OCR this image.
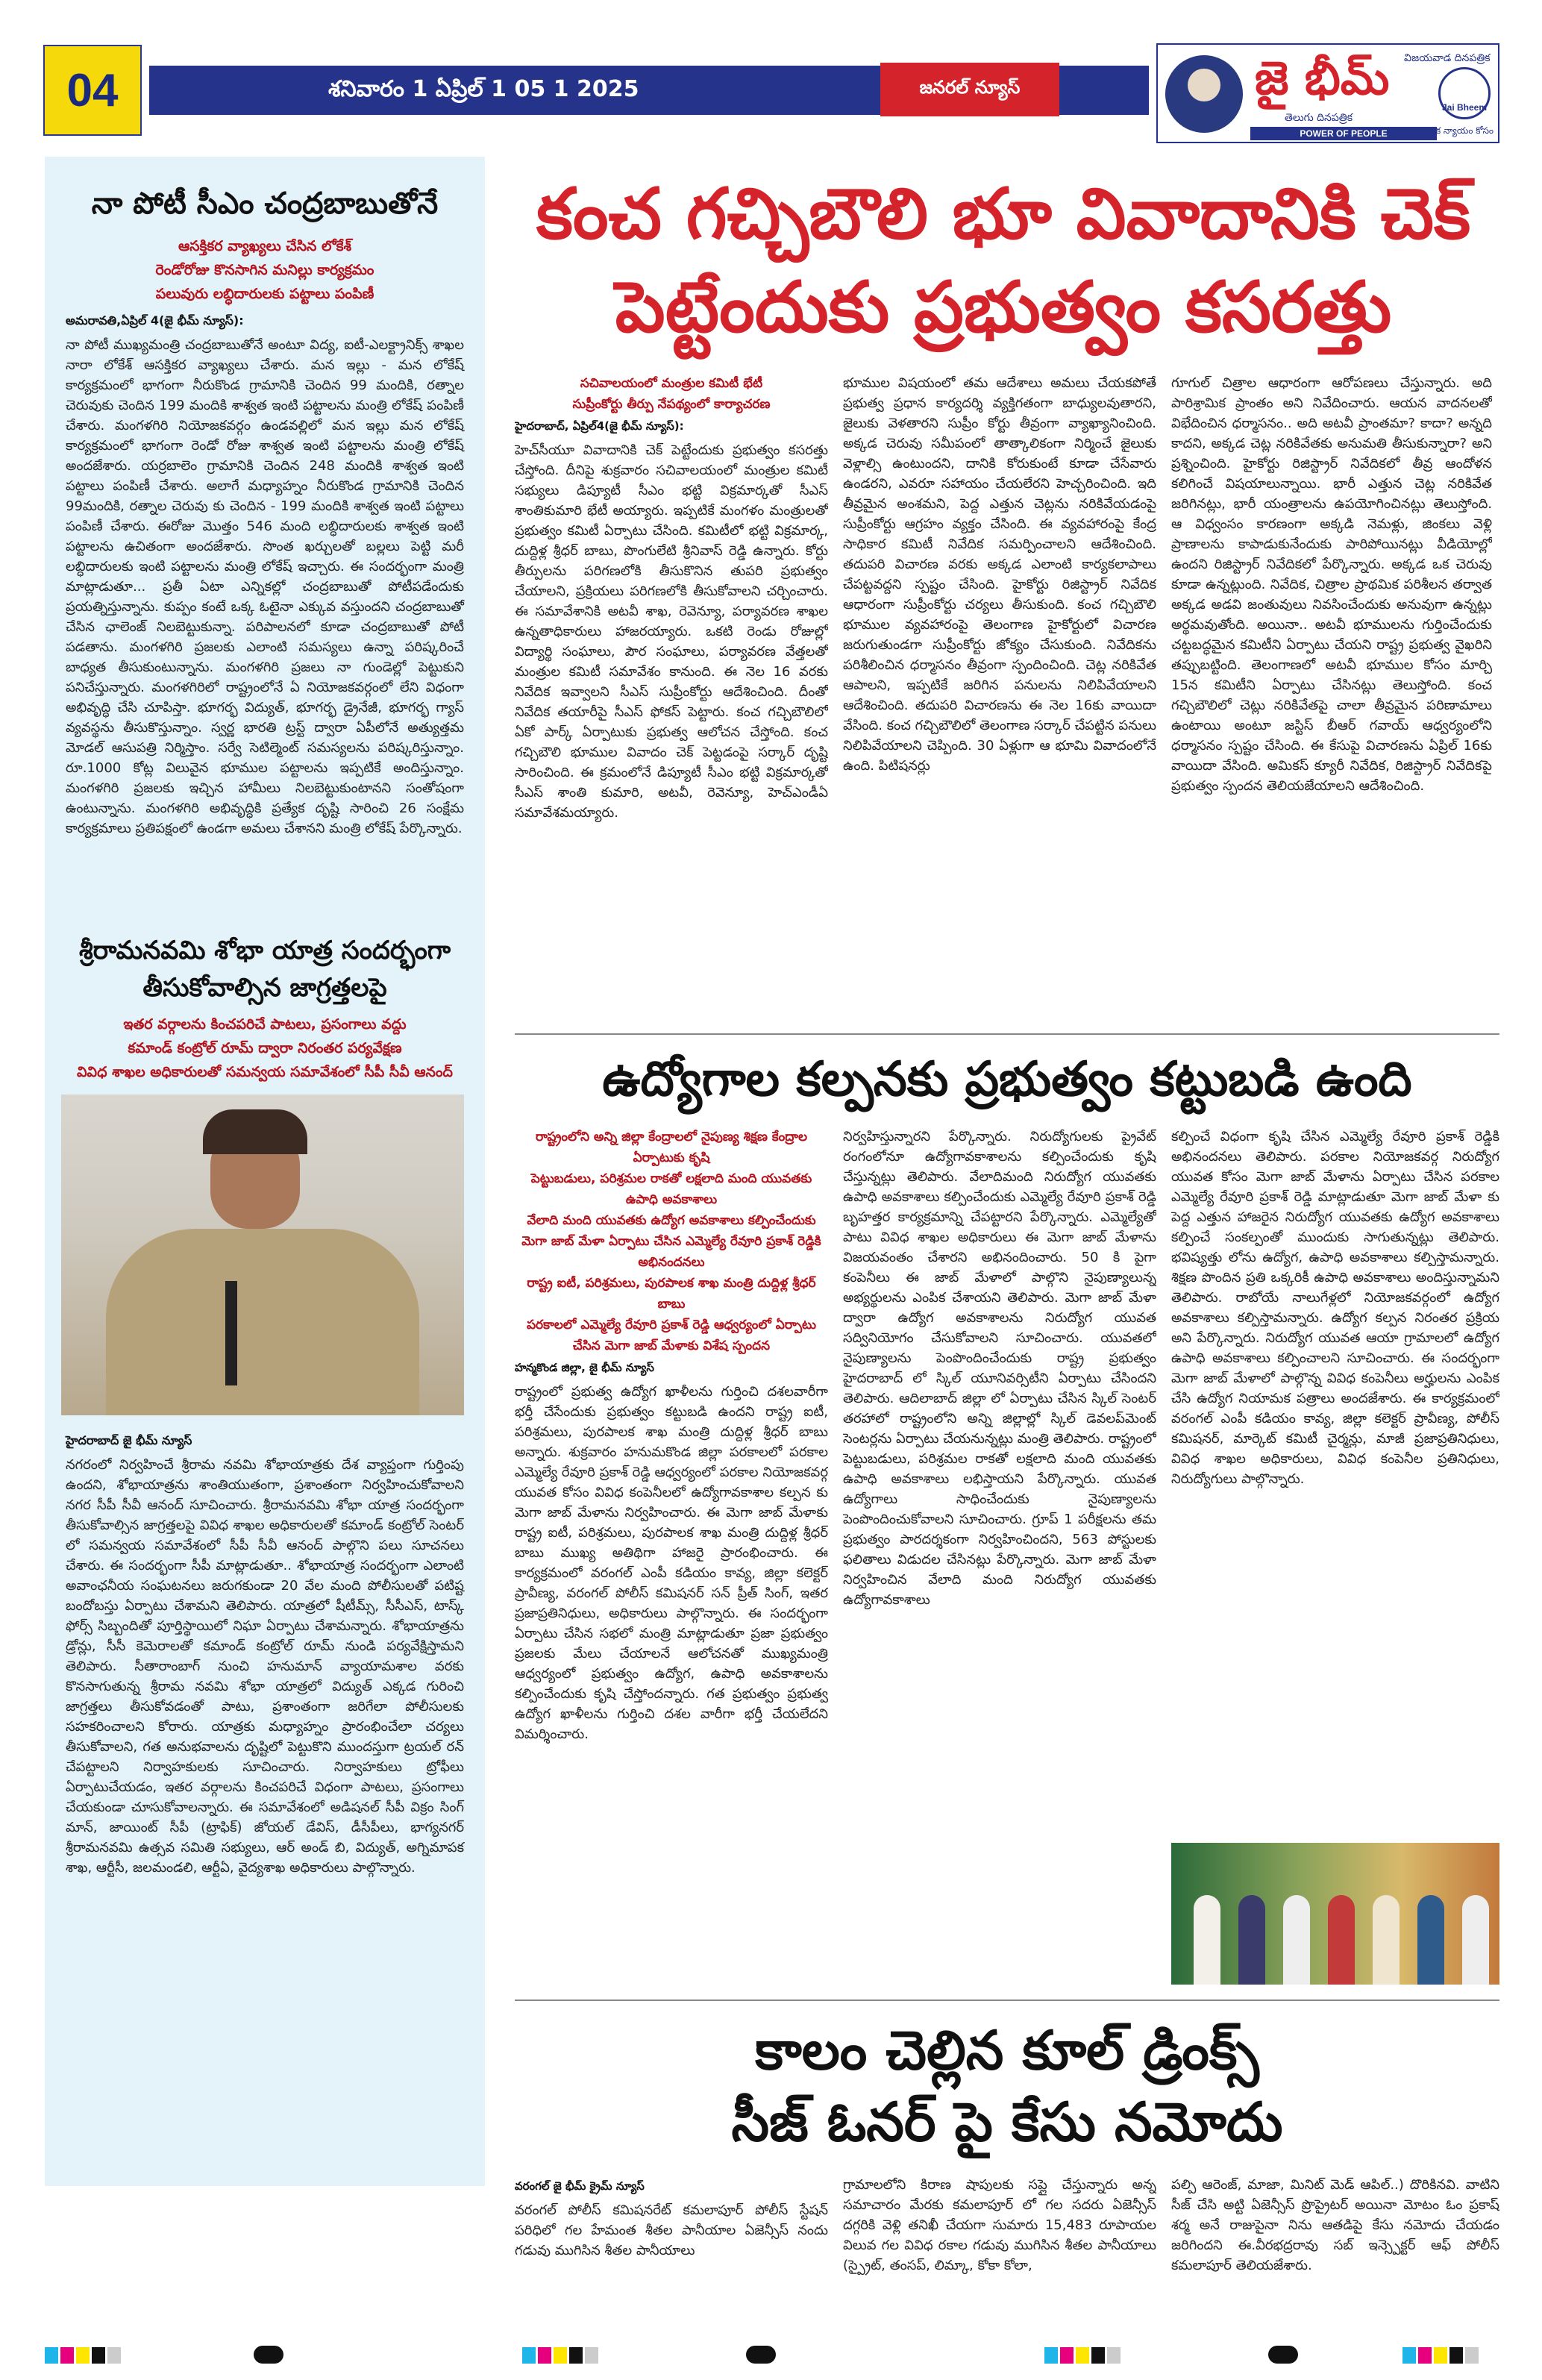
04	శనివారం 1 ఏప్రిల్ 1 05 1 2025	జనరల్ న్యూస్
విజయవాడ దినపత్రిక
జై భీమ్
తెలుగు దినపత్రిక
POWER OF PEOPLE
Jai Bheem
సామాజిక న్యాయం కోసం
నా పోటీ సీఎం చంద్రబాబుతోనే
ఆసక్తికర వ్యాఖ్యలు చేసిన లోకేశ్
రెండోరోజు కొనసాగిన మనిల్లు కార్యక్రమం
పలువురు లబ్ధిదారులకు పట్టాలు పంపిణీ
అమరావతి,ఏప్రిల్ 4(జై భీమ్ న్యూస్):
నా పోటీ ముఖ్యమంత్రి చంద్రబాబుతోనే అంటూ విద్య, ఐటీ-ఎలక్ట్రానిక్స్ శాఖల నారా లోకేశ్ ఆసక్తికర వ్యాఖ్యలు చేశారు. మన ఇల్లు - మన లోకేష్ కార్యక్రమంలో భాగంగా నీరుకొండ గ్రామానికి చెందిన 99 మందికి, రత్నాల చెరువుకు చెందిన 199 మందికి శాశ్వత ఇంటి పట్టాలను మంత్రి లోకేష్ పంపిణీ చేశారు. మంగళగిరి నియోజకవర్గం ఉండవల్లిలో మన ఇల్లు మన లోకేష్ కార్యక్రమంలో భాగంగా రెండో రోజు శాశ్వత ఇంటి పట్టాలను మంత్రి లోకేష్ అందజేశారు. యర్రబాలెం గ్రామానికి చెందిన 248 మందికి శాశ్వత ఇంటి పట్టాలు పంపిణీ చేశారు. అలాగే మధ్యాహ్నం నీరుకొండ గ్రామానికి చెందిన 99మందికి, రత్నాల చెరువు కు చెందిన - 199 మందికి శాశ్వత ఇంటి పట్టాలు పంపిణీ చేశారు. ఈరోజు మొత్తం 546 మంది లబ్ధిదారులకు శాశ్వత ఇంటి పట్టాలను ఉచితంగా అందజేశారు. సొంత ఖర్చులతో బల్లలు పెట్టి మరీ లబ్ధిదారులకు ఇంటి పట్టాలను మంత్రి లోకేష్ ఇచ్చారు. ఈ సందర్భంగా మంత్రి మాట్లాడుతూ... ప్రతీ ఏటా ఎన్నికల్లో చంద్రబాబుతో పోటీపడేందుకు ప్రయత్నిస్తున్నాను. కుప్పం కంటే ఒక్క ఓటైనా ఎక్కువ వస్తుందని చంద్రబాబుతో చేసిన ఛాలెంజ్ నిలబెట్టుకున్నా. పరిపాలనలో కూడా చంద్రబాబుతో పోటీ పడతాను. మంగళగిరి ప్రజలకు ఎలాంటి సమస్యలు ఉన్నా పరిష్కరించే బాధ్యత తీసుకుంటున్నాను. మంగళగిరి ప్రజలు నా గుండెల్లో పెట్టుకుని పనిచేస్తున్నారు. మంగళగిరిలో రాష్ట్రంలోనే ఏ నియోజకవర్గంలో లేని విధంగా అభివృద్ధి చేసి చూపిస్తా. భూగర్భ విద్యుత్, భూగర్భ డ్రైనేజీ, భూగర్భ గ్యాస్ వ్యవస్థను తీసుకొస్తున్నాం. స్వర్ణ భారతి ట్రస్ట్ ద్వారా ఏపీలోనే అత్యుత్తమ మోడల్ ఆసుపత్రి నిర్మిస్తాం. సర్వే సెటిల్మెంట్ సమస్యలను పరిష్కరిస్తున్నాం. రూ.1000 కోట్ల విలువైన భూముల పట్టాలను ఇప్పటికే అందిస్తున్నాం. మంగళగిరి ప్రజలకు ఇచ్చిన హామీలు నిలబెట్టుకుంటానని సంతోషంగా ఉంటున్నాను. మంగళగిరి అభివృద్ధికి ప్రత్యేక దృష్టి సారించి 26 సంక్షేమ కార్యక్రమాలు ప్రతిపక్షంలో ఉండగా అమలు చేశానని మంత్రి లోకేష్ పేర్కొన్నారు.
శ్రీరామనవమి శోభా యాత్ర సందర్భంగా తీసుకోవాల్సిన జాగ్రత్తలపై
ఇతర వర్గాలను కించపరిచే పాటలు, ప్రసంగాలు వద్దు
కమాండ్ కంట్రోల్ రూమ్ ద్వారా నిరంతర పర్యవేక్షణ
వివిధ శాఖల అధికారులతో సమన్వయ సమావేశంలో సీపీ సీవీ ఆనంద్
హైదరాబాద్ జై భీమ్ న్యూస్
నగరంలో నిర్వహించే శ్రీరామ నవమి శోభాయాత్రకు దేశ వ్యాప్తంగా గుర్తింపు ఉందని, శోభాయాత్రను శాంతియుతంగా, ప్రశాంతంగా నిర్వహించుకోవాలని నగర సీపీ సీవీ ఆనంద్ సూచించారు. శ్రీరామనవమి శోభా యాత్ర సందర్భంగా తీసుకోవాల్సిన జాగ్రత్తలపై వివిధ శాఖల అధికారులతో కమాండ్ కంట్రోల్ సెంటర్ లో సమన్వయ సమావేశంలో సీపీ సీవీ ఆనంద్ పాల్గొని పలు సూచనలు చేశారు. ఈ సందర్భంగా సీపీ మాట్లాడుతూ.. శోభాయాత్ర సందర్భంగా ఎలాంటి అవాంఛనీయ సంఘటనలు జరుగకుండా 20 వేల మంది పోలీసులతో పటిష్ట బందోబస్తు ఏర్పాటు చేశామని తెలిపారు. యాత్రలో షీటీమ్స్, సీసీఎస్, టాస్క్ ఫోర్స్ సిబ్బందితో పూర్తిస్థాయిలో నిఘా ఏర్పాటు చేశామన్నారు. శోభాయాత్రను డ్రోన్లు, సీసీ కెమెరాలతో కమాండ్ కంట్రోల్ రూమ్ నుండి పర్యవేక్షిస్తామని తెలిపారు. సీతారాంబాగ్ నుంచి హనుమాన్ వ్యాయామశాల వరకు కొనసాగుతున్న శ్రీరామ నవమి శోభా యాత్రలో విద్యుత్ ఎక్కడ గురించి జాగ్రత్తలు తీసుకోవడంతో పాటు, ప్రశాంతంగా జరిగేలా పోలీసులకు సహకరించాలని కోరారు. యాత్రకు మధ్యాహ్నం ప్రారంభించేలా చర్యలు తీసుకోవాలని, గత అనుభవాలను దృష్టిలో పెట్టుకొని ముందస్తుగా ట్రయల్ రన్ చేపట్టాలని నిర్వాహకులకు సూచించారు. నిర్వాహకులు ట్రోఫీలు ఏర్పాటుచేయడం, ఇతర వర్గాలను కించపరిచే విధంగా పాటలు, ప్రసంగాలు చేయకుండా చూసుకోవాలన్నారు. ఈ సమావేశంలో అడిషనల్ సీపీ విక్రం సింగ్ మాన్, జాయింట్ సీపీ (ట్రాఫిక్) జోయల్ డేవిస్, డీసీపీలు, భాగ్యనగర్ శ్రీరామనవమి ఉత్సవ సమితి సభ్యులు, ఆర్ అండ్ బి, విద్యుత్, అగ్నిమాపక శాఖ, ఆర్టీసీ, జలమండలి, ఆర్టీఏ, వైద్యశాఖ అధికారులు పాల్గొన్నారు.
కంచ గచ్చిబౌలి భూ వివాదానికి చెక్
పెట్టేందుకు ప్రభుత్వం కసరత్తు
సచివాలయంలో మంత్రుల కమిటీ భేటీ
సుప్రీంకోర్టు తీర్పు నేపథ్యంలో కార్యాచరణ
హైదరాబాద్, ఏప్రిల్4(జై భీమ్ న్యూస్):
హెచ్‌సీయూ వివాదానికి చెక్ పెట్టేందుకు ప్రభుత్వం కసరత్తు చేస్తోంది. దీనిపై శుక్రవారం సచివాలయంలో మంత్రుల కమిటీ సభ్యులు డిప్యూటీ సీఎం భట్టి విక్రమార్కతో సీఎస్ శాంతికుమారి భేటీ అయ్యారు. ఇప్పటికే మంగళం మంత్రులతో ప్రభుత్వం కమిటీ ఏర్పాటు చేసింది. కమిటీలో భట్టి విక్రమార్క, దుద్దిళ్ల శ్రీధర్ బాబు, పొంగులేటి శ్రీనివాస్ రెడ్డి ఉన్నారు. కోర్టు తీర్పులను పరిగణలోకి తీసుకొనిన తుపరి ప్రభుత్వం చేయాలని, ప్రక్రియలు పరిగణలోకి తీసుకోవాలని చర్చించారు. ఈ సమావేశానికి అటవీ శాఖ, రెవెన్యూ, పర్యావరణ శాఖల ఉన్నతాధికారులు హాజరయ్యారు. ఒకటి రెండు రోజుల్లో విద్యార్థి సంఘాలు, పౌర సంఘాలు, పర్యావరణ వేత్తలతో మంత్రుల కమిటీ సమావేశం కానుంది. ఈ నెల 16 వరకు నివేదిక ఇవ్వాలని సీఎస్ సుప్రీంకోర్టు ఆదేశించింది. దీంతో నివేదిక తయారీపై సీఎస్ ఫోకస్ పెట్టారు. కంచ గచ్చిబౌలిలో ఏకో పార్క్ ఏర్పాటుకు ప్రభుత్వ ఆలోచన చేస్తోంది. కంచ గచ్చిబౌలి భూముల వివాదం చెక్ పెట్టడంపై సర్కార్ దృష్టి సారించింది. ఈ క్రమంలోనే డిప్యూటీ సీఎం భట్టి విక్రమార్కతో సీఎస్ శాంతి కుమారి, అటవీ, రెవెన్యూ, హెచ్‌ఎండీఏ సమావేశమయ్యారు.
భూముల విషయంలో తమ ఆదేశాలు అమలు చేయకపోతే ప్రభుత్వ ప్రధాన కార్యదర్శి వ్యక్తిగతంగా బాధ్యులవుతారని, జైలుకు వెళతారని సుప్రీం కోర్టు తీవ్రంగా వ్యాఖ్యానించింది. అక్కడ చెరువు సమీపంలో తాత్కాలికంగా నిర్మించే జైలుకు వెళ్లాల్సి ఉంటుందని, దానికి కోరుకుంటే కూడా చేసేవారు ఉండరని, ఎవరూ సహాయం చేయలేరని హెచ్చరించింది. ఇది తీవ్రమైన అంశమని, పెద్ద ఎత్తున చెట్లను నరికివేయడంపై సుప్రీంకోర్టు ఆగ్రహం వ్యక్తం చేసింది. ఈ వ్యవహారంపై కేంద్ర సాధికార కమిటీ నివేదిక సమర్పించాలని ఆదేశించింది. తదుపరి విచారణ వరకు అక్కడ ఎలాంటి కార్యకలాపాలు చేపట్టవద్దని స్పష్టం చేసింది. హైకోర్టు రిజిస్ట్రార్ నివేదిక ఆధారంగా సుప్రీంకోర్టు చర్యలు తీసుకుంది. కంచ గచ్చిబౌలి భూముల వ్యవహారంపై తెలంగాణ హైకోర్టులో విచారణ జరుగుతుండగా సుప్రీంకోర్టు జోక్యం చేసుకుంది. నివేదికను పరిశీలించిన ధర్మాసనం తీవ్రంగా స్పందించింది. చెట్ల నరికివేత ఆపాలని, ఇప్పటికే జరిగిన పనులను నిలిపివేయాలని ఆదేశించింది. తదుపరి విచారణను ఈ నెల 16కు వాయిదా వేసింది. కంచ గచ్చిబౌలిలో తెలంగాణ సర్కార్ చేపట్టిన పనులు నిలిపివేయాలని చెప్పింది. 30 ఏళ్లుగా ఆ భూమి వివాదంలోనే ఉంది. పిటిషనర్లు
గూగుల్ చిత్రాల ఆధారంగా ఆరోపణలు చేస్తున్నారు. అది పారిశ్రామిక ప్రాంతం అని నివేదించారు. ఆయన వాదనలతో విభేదించిన ధర్మాసనం.. అది అటవీ ప్రాంతమా? కాదా? అన్నది కాదని, అక్కడ చెట్ల నరికివేతకు అనుమతి తీసుకున్నారా? అని ప్రశ్నించింది. హైకోర్టు రిజిస్ట్రార్ నివేదికలో తీవ్ర ఆందోళన కలిగించే విషయాలున్నాయి. భారీ ఎత్తున చెట్ల నరికివేత జరిగినట్లు, భారీ యంత్రాలను ఉపయోగించినట్లు తెలుస్తోంది. ఆ విధ్వంసం కారణంగా అక్కడి నెమళ్లు, జింకలు వెళ్లి ప్రాణాలను కాపాడుకునేందుకు పారిపోయినట్లు వీడియోల్లో ఉందని రిజిస్ట్రార్ నివేదికలో పేర్కొన్నారు. అక్కడ ఒక చెరువు కూడా ఉన్నట్లుంది. నివేదిక, చిత్రాల ప్రాథమిక పరిశీలన తర్వాత అక్కడ అడవి జంతువులు నివసించేందుకు అనువుగా ఉన్నట్లు అర్థమవుతోంది. అయినా.. అటవీ భూములను గుర్తించేందుకు చట్టబద్ధమైన కమిటీని ఏర్పాటు చేయని రాష్ట్ర ప్రభుత్వ వైఖరిని తప్పుబట్టింది. తెలంగాణలో అటవీ భూముల కోసం మార్చి 15న కమిటీని ఏర్పాటు చేసినట్లు తెలుస్తోంది. కంచ గచ్చిబౌలిలో చెట్లు నరికివేతపై చాలా తీవ్రమైన పరిణామాలు ఉంటాయి అంటూ జస్టిస్ బీఆర్ గవాయ్ ఆధ్వర్యంలోని ధర్మాసనం స్పష్టం చేసింది. ఈ కేసుపై విచారణను ఏప్రిల్ 16కు వాయిదా వేసింది. అమికస్ క్యూరీ నివేదిక, రిజిస్ట్రార్ నివేదికపై ప్రభుత్వం స్పందన తెలియజేయాలని ఆదేశించింది.
ఉద్యోగాల కల్పనకు ప్రభుత్వం కట్టుబడి ఉంది
రాష్ట్రంలోని అన్ని జిల్లా కేంద్రాలలో నైపుణ్య శిక్షణ కేంద్రాల ఏర్పాటుకు కృషి
పెట్టుబడులు, పరిశ్రమల రాకతో లక్షలాది మంది యువతకు ఉపాధి అవకాశాలు
వేలాది మంది యువతకు ఉద్యోగ అవకాశాలు కల్పించేందుకు మెగా జాబ్ మేళా ఏర్పాటు చేసిన ఎమ్మెల్యే రేవూరి ప్రకాశ్ రెడ్డికి అభినందనలు
రాష్ట్ర ఐటీ, పరిశ్రమలు, పురపాలక శాఖ మంత్రి దుద్దిళ్ల శ్రీధర్ బాబు
పరకాలలో ఎమ్మెల్యే రేవూరి ప్రకాశ్ రెడ్డి ఆధ్వర్యంలో ఏర్పాటు చేసిన మెగా జాబ్ మేళాకు విశేష స్పందన
హన్మకొండ జిల్లా, జై భీమ్ న్యూస్
రాష్ట్రంలో ప్రభుత్వ ఉద్యోగ ఖాళీలను గుర్తించి దశలవారీగా భర్తీ చేసేందుకు ప్రభుత్వం కట్టుబడి ఉందని రాష్ట్ర ఐటీ, పరిశ్రమలు, పురపాలక శాఖ మంత్రి దుద్దిళ్ల శ్రీధర్ బాబు అన్నారు. శుక్రవారం హనుమకొండ జిల్లా పరకాలలో పరకాల ఎమ్మెల్యే రేవూరి ప్రకాశ్ రెడ్డి ఆధ్వర్యంలో పరకాల నియోజకవర్గ యువత కోసం వివిధ కంపెనీలలో ఉద్యోగావకాశాల కల్పన కు మెగా జాబ్ మేళాను నిర్వహించారు. ఈ మెగా జాబ్ మేళాకు రాష్ట్ర ఐటీ, పరిశ్రమలు, పురపాలక శాఖ మంత్రి దుద్దిళ్ల శ్రీధర్ బాబు ముఖ్య అతిథిగా హాజరై ప్రారంభించారు. ఈ కార్యక్రమంలో వరంగల్ ఎంపీ కడియం కావ్య, జిల్లా కలెక్టర్ ప్రావీణ్య, వరంగల్ పోలీస్ కమిషనర్ సన్ ప్రీత్ సింగ్, ఇతర ప్రజాప్రతినిధులు, అధికారులు పాల్గొన్నారు. ఈ సందర్భంగా ఏర్పాటు చేసిన సభలో మంత్రి మాట్లాడుతూ ప్రజా ప్రభుత్వం ప్రజలకు మేలు చేయాలనే ఆలోచనతో ముఖ్యమంత్రి ఆధ్వర్యంలో ప్రభుత్వం ఉద్యోగ, ఉపాధి అవకాశాలను కల్పించేందుకు కృషి చేస్తోందన్నారు. గత ప్రభుత్వం ప్రభుత్వ ఉద్యోగ ఖాళీలను గుర్తించి దశల వారీగా భర్తీ చేయలేదని విమర్శించారు.
నిర్వహిస్తున్నారని పేర్కొన్నారు. నిరుద్యోగులకు ప్రైవేట్ రంగంలోనూ ఉద్యోగావకాశాలను కల్పించేందుకు కృషి చేస్తున్నట్లు తెలిపారు. వేలాదిమంది నిరుద్యోగ యువతకు ఉపాధి అవకాశాలు కల్పించేందుకు ఎమ్మెల్యే రేవూరి ప్రకాశ్ రెడ్డి బృహత్తర కార్యక్రమాన్ని చేపట్టారని పేర్కొన్నారు. ఎమ్మెల్యేతో పాటు వివిధ శాఖల అధికారులు ఈ మెగా జాబ్ మేళాను విజయవంతం చేశారని అభినందించారు. 50 కి పైగా కంపెనీలు ఈ జాబ్ మేళాలో పాల్గొని నైపుణ్యాలున్న అభ్యర్థులను ఎంపిక చేశాయని తెలిపారు. మెగా జాబ్ మేళా ద్వారా ఉద్యోగ అవకాశాలను నిరుద్యోగ యువత సద్వినియోగం చేసుకోవాలని సూచించారు. యువతలో నైపుణ్యాలను పెంపొందించేందుకు రాష్ట్ర ప్రభుత్వం హైదరాబాద్ లో స్కిల్ యూనివర్సిటీని ఏర్పాటు చేసిందని తెలిపారు. ఆదిలాబాద్ జిల్లా లో ఏర్పాటు చేసిన స్కిల్ సెంటర్ తరహాలో రాష్ట్రంలోని అన్ని జిల్లాల్లో స్కిల్ డెవలప్‌మెంట్ సెంటర్లను ఏర్పాటు చేయనున్నట్లు మంత్రి తెలిపారు. రాష్ట్రంలో పెట్టుబడులు, పరిశ్రమల రాకతో లక్షలాది మంది యువతకు ఉపాధి అవకాశాలు లభిస్తాయని పేర్కొన్నారు. యువత ఉద్యోగాలు సాధించేందుకు నైపుణ్యాలను పెంపొందించుకోవాలని సూచించారు. గ్రూప్ 1 పరీక్షలను తమ ప్రభుత్వం పారదర్శకంగా నిర్వహించిందని, 563 పోస్టులకు ఫలితాలు విడుదల చేసినట్లు పేర్కొన్నారు. మెగా జాబ్ మేళా నిర్వహించిన వేలాది మంది నిరుద్యోగ యువతకు ఉద్యోగావకాశాలు
కల్పించే విధంగా కృషి చేసిన ఎమ్మెల్యే రేవూరి ప్రకాశ్ రెడ్డికి అభినందనలు తెలిపారు. పరకాల నియోజకవర్గ నిరుద్యోగ యువత కోసం మెగా జాబ్ మేళాను ఏర్పాటు చేసిన పరకాల ఎమ్మెల్యే రేవూరి ప్రకాశ్ రెడ్డి మాట్లాడుతూ మెగా జాబ్ మేళా కు పెద్ద ఎత్తున హాజరైన నిరుద్యోగ యువతకు ఉద్యోగ అవకాశాలు కల్పించే సంకల్పంతో ముందుకు సాగుతున్నట్లు తెలిపారు. భవిష్యత్తు లోను ఉద్యోగ, ఉపాధి అవకాశాలు కల్పిస్తామన్నారు. శిక్షణ పొందిన ప్రతి ఒక్కరికీ ఉపాధి అవకాశాలు అందిస్తున్నామని తెలిపారు. రాబోయే నాలుగేళ్లలో నియోజకవర్గంలో ఉద్యోగ అవకాశాలు కల్పిస్తామన్నారు. ఉద్యోగ కల్పన నిరంతర ప్రక్రియ అని పేర్కొన్నారు. నిరుద్యోగ యువత ఆయా గ్రామాలలో ఉద్యోగ ఉపాధి అవకాశాలు కల్పించాలని సూచించారు. ఈ సందర్భంగా మెగా జాబ్ మేళాలో పాల్గొన్న వివిధ కంపెనీలు అర్హులను ఎంపిక చేసి ఉద్యోగ నియామక పత్రాలు అందజేశారు. ఈ కార్యక్రమంలో వరంగల్ ఎంపీ కడియం కావ్య, జిల్లా కలెక్టర్ ప్రావీణ్య, పోలీస్ కమిషనర్, మార్కెట్ కమిటీ చైర్మన్లు, మాజీ ప్రజాప్రతినిధులు, వివిధ శాఖల అధికారులు, వివిధ కంపెనీల ప్రతినిధులు, నిరుద్యోగులు పాల్గొన్నారు.
కాలం చెల్లిన కూల్ డ్రింక్స్
సీజ్ ఓనర్ పై కేసు నమోదు
వరంగల్ జై భీమ్ క్రైమ్ న్యూస్
వరంగల్ పోలీస్ కమిషనరేట్ కమలాపూర్ పోలీస్ స్టేషన్ పరిధిలో గల హేమంత శీతల పానీయాల ఏజెన్సీస్ నందు గడువు ముగిసిన శీతల పానీయాలు
గ్రామాలలోని కిరాణ షాపులకు సప్లై చేస్తున్నారు అన్న సమాచారం మేరకు కమలాపూర్ లో గల సదరు ఏజెన్సీస్ దగ్గరికి వెళ్లి తనిఖీ చేయగా సుమారు 15,483 రూపాయల విలువ గల వివిధ రకాల గడువు ముగిసిన శీతల పానీయాలు (స్ప్రైట్, తంసప్, లిమ్కా, కోకా కోలా,
పల్పి ఆరెంజ్, మాజా, మినిట్ మెడ్ ఆపిల్..) దొరికినవి. వాటిని సీజ్ చేసి అట్టి ఏజెన్సీస్ ప్రొప్రైటర్ అయినా మోటం ఓం ప్రకాష్ శర్మ అనే రాజుపైనా నిను ఆతడిపై కేసు నమోదు చేయడం జరిగిందని ఈ.వీరభద్రరావు సబ్ ఇన్స్పెక్టర్ ఆఫ్ పోలీస్ కమలాపూర్ తెలియజేశారు.
